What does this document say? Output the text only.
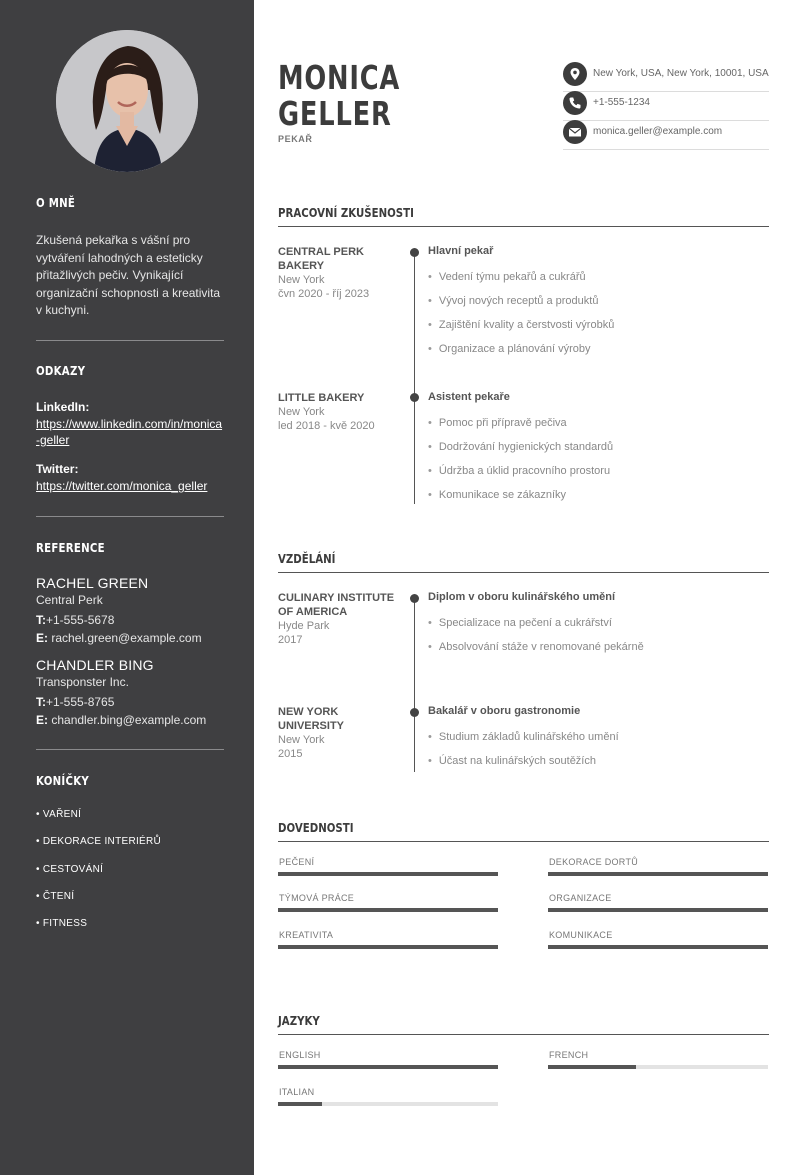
O MNĚ

Zkušená pekařka s vášní pro vytváření lahodných a esteticky přitažlivých pečiv. Vynikající organizační schopnosti a kreativita v kuchyni.

ODKAZY
LinkedIn:
https://www.linkedin.com/in/monica-geller
Twitter:
https://twitter.com/monica_geller
REFERENCE
RACHEL GREEN
Central Perk
T:+1-555-5678
E: rachel.green@example.com
CHANDLER BING
Transponster Inc.
T:+1-555-8765
E: chandler.bing@example.com
KONÍČKY
• VAŘENÍ
• DEKORACE INTERIÉRŮ
• CESTOVÁNÍ
• ČTENÍ
• FITNESS
MONICA
GELLER
PEKAŘ
New York, USA, New York, 10001, USA
+1-555-1234
monica.geller@example.com
PRACOVNÍ ZKUŠENOSTI
CENTRAL PERK BAKERY
New York
čvn 2020 - říj 2023
Hlavní pekař
• Vedení týmu pekařů a cukrářů
• Vývoj nových receptů a produktů
• Zajištění kvality a čerstvosti výrobků
• Organizace a plánování výroby
LITTLE BAKERY
New York
led 2018 - kvě 2020
Asistent pekaře
• Pomoc při přípravě pečiva
• Dodržování hygienických standardů
• Údržba a úklid pracovního prostoru
• Komunikace se zákazníky
VZDĚLÁNÍ
CULINARY INSTITUTE OF AMERICA
Hyde Park
2017
Diplom v oboru kulinářského umění
• Specializace na pečení a cukrářství
• Absolvování stáže v renomované pekárně
NEW YORK UNIVERSITY
New York
2015
Bakalář v oboru gastronomie
• Studium základů kulinářského umění
• Účast na kulinářských soutěžích
DOVEDNOSTI
PEČENÍ	DEKORACE DORTŮ
TÝMOVÁ PRÁCE	ORGANIZACE
KREATIVITA	KOMUNIKACE
JAZYKY
ENGLISH	FRENCH
ITALIAN
